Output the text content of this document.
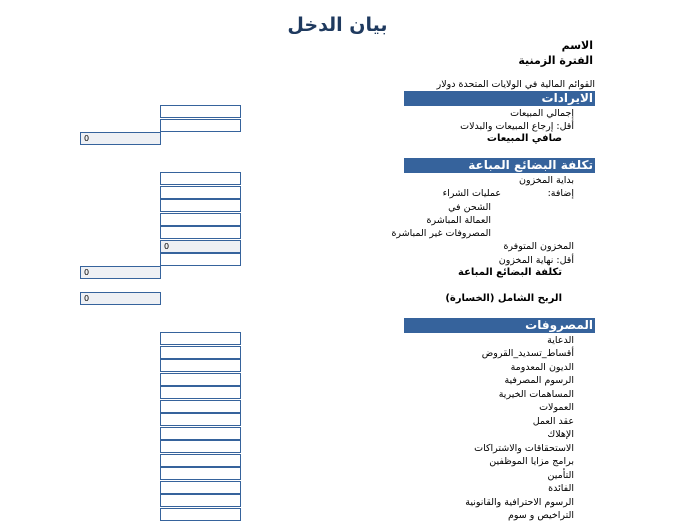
بيان الدخل
الاسم
الفترة الزمنية
القوائم المالية في الولايات المتحدة دولار
الايرادات
إجمالي المبيعات
أقل: إرجاع المبيعات والبدلات
صافي المبيعات
0
تكلفة البضائع المباعة
بداية المخزون
إضافة:
عمليات الشراء
الشحن في
العمالة المباشرة
المصروفات غير المباشرة
المخزون المتوفرة
أقل: نهاية المخزون
تكلفة البضائع المباعة
0
0
الربح الشامل (الخسارة)
0
المصروفات
الدعاية
أقساط_تسديد_القروض
الديون المعدومة
الرسوم المصرفية
المساهمات الخيرية
العمولات
عقد العمل
الإهلاك
الاستحقاقات والاشتراكات
برامج مزايا الموظفين
التأمين
الفائدة
الرسوم الاحترافية والقانونية
التراخيص و سوم
